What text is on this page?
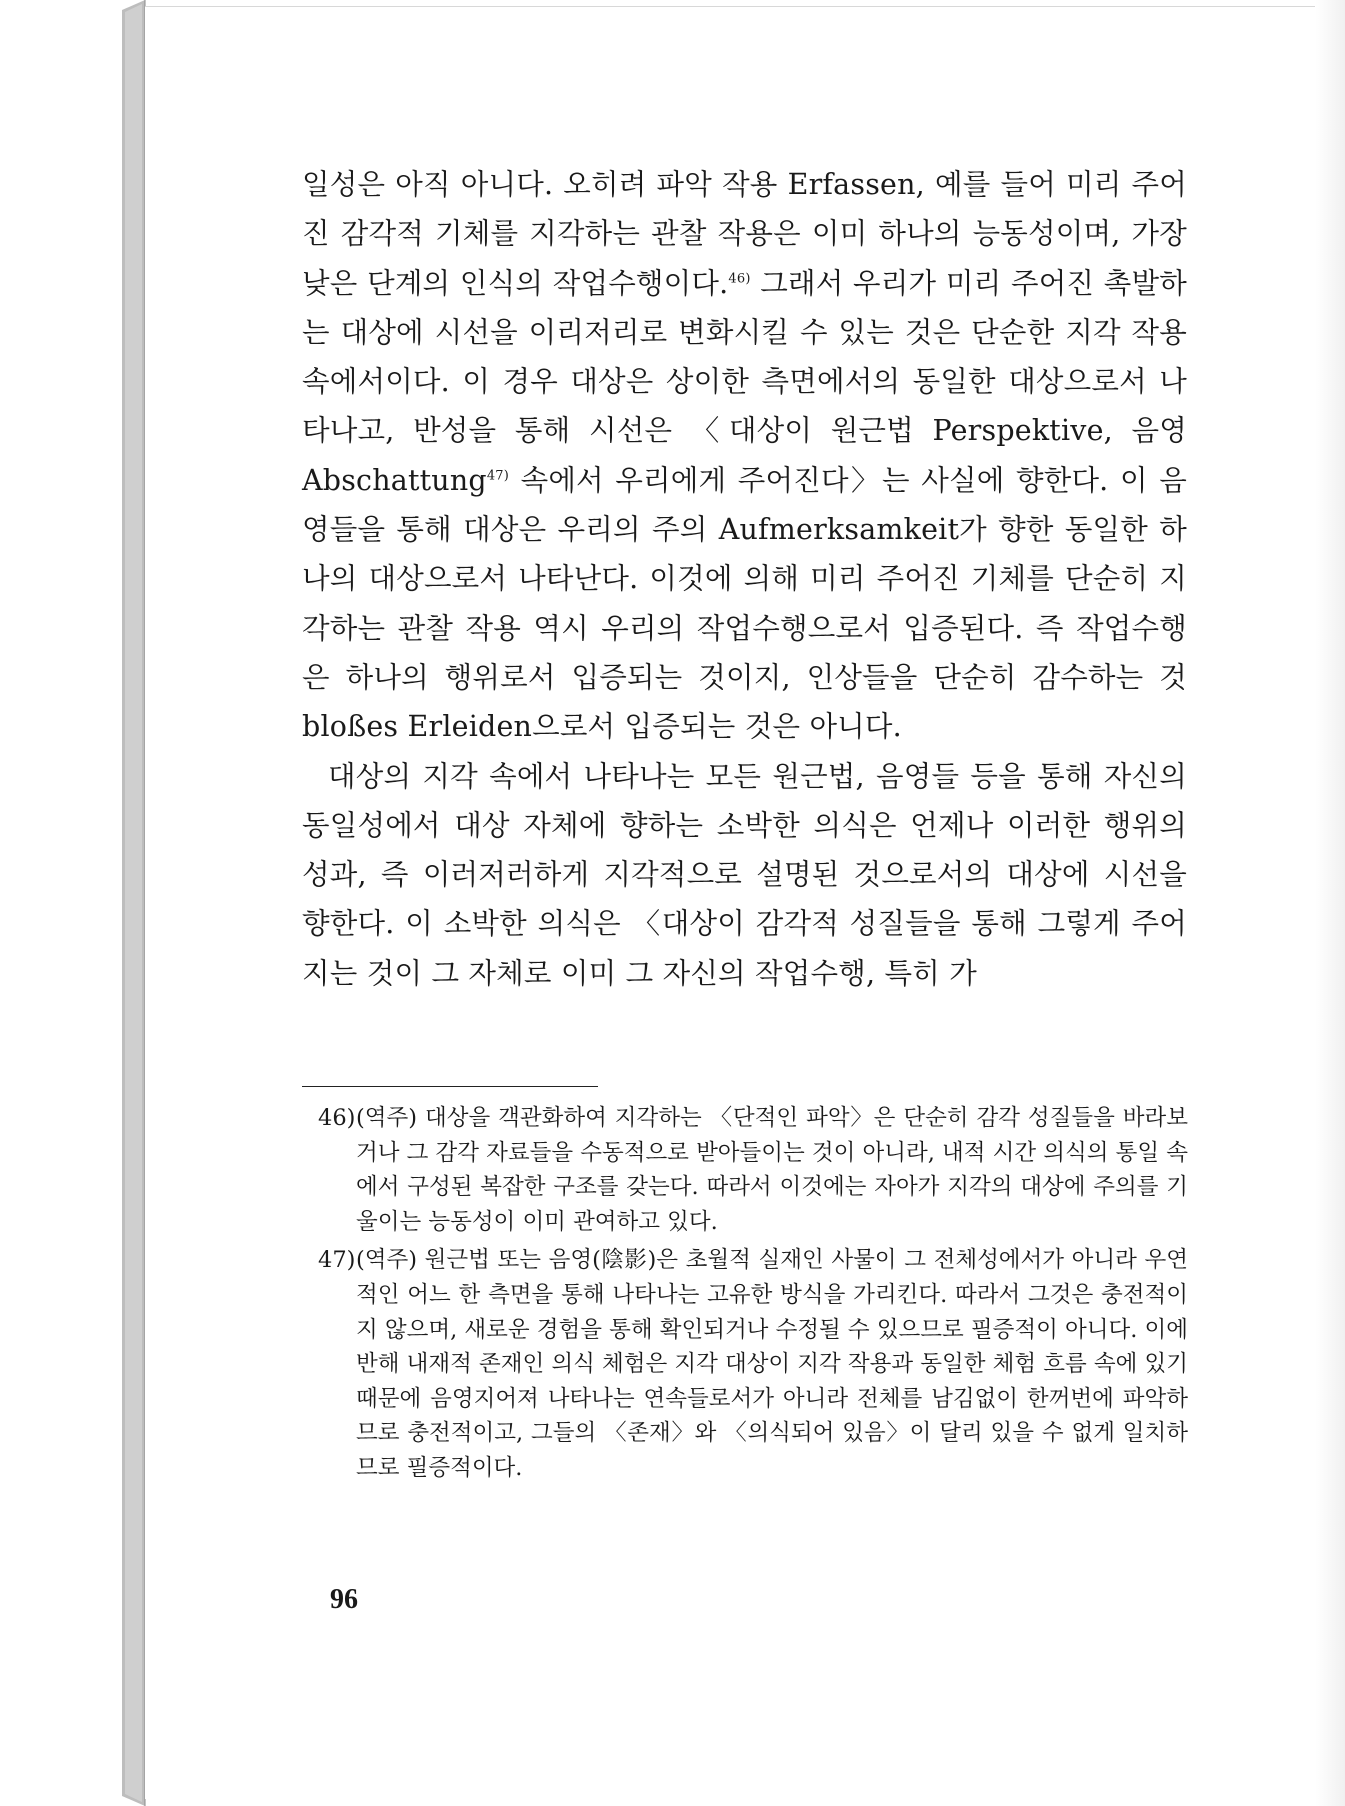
일성은 아직 아니다. 오히려 파악 작용 Erfassen, 예를 들어 미리 주어진 감각적 기체를 지각하는 관찰 작용은 이미 하나의 능동성이며, 가장 낮은 단계의 인식의 작업수행이다.$^{46)}$ 그래서 우리가 미리 주어진 촉발하는 대상에 시선을 이리저리로 변화시킬 수 있는 것은 단순한 지각 작용 속에서이다. 이 경우 대상은 상이한 측면에서의 동일한 대상으로서 나타나고, 반성을 통해 시선은 〈대상이 원근법 Perspektive, 음영 Abschattung$^{47)}$ 속에서 우리에게 주어진다〉는 사실에 향한다. 이 음영들을 통해 대상은 우리의 주의 Aufmerksamkeit가 향한 동일한 하나의 대상으로서 나타난다. 이것에 의해 미리 주어진 기체를 단순히 지각하는 관찰 작용 역시 우리의 작업수행으로서 입증된다. 즉 작업수행은 하나의 행위로서 입증되는 것이지, 인상들을 단순히 감수하는 것 bloßes Erleiden으로서 입증되는 것은 아니다.

대상의 지각 속에서 나타나는 모든 원근법, 음영들 등을 통해 자신의 동일성에서 대상 자체에 향하는 소박한 의식은 언제나 이러한 행위의 성과, 즉 이러저러하게 지각적으로 설명된 것으로서의 대상에 시선을 향한다. 이 소박한 의식은 〈대상이 감각적 성질들을 통해 그렇게 주어지는 것이 그 자체로 이미 그 자신의 작업수행, 특히 가

46) (역주) 대상을 객관화하여 지각하는 〈단적인 파악〉은 단순히 감각 성질들을 바라보거나 그 감각 자료들을 수동적으로 받아들이는 것이 아니라, 내적 시간 의식의 통일 속에서 구성된 복잡한 구조를 갖는다. 따라서 이것에는 자아가 지각의 대상에 주의를 기울이는 능동성이 이미 관여하고 있다.
47) (역주) 원근법 또는 음영(陰影)은 초월적 실재인 사물이 그 전체성에서가 아니라 우연적인 어느 한 측면을 통해 나타나는 고유한 방식을 가리킨다. 따라서 그것은 충전적이지 않으며, 새로운 경험을 통해 확인되거나 수정될 수 있으므로 필증적이 아니다. 이에 반해 내재적 존재인 의식 체험은 지각 대상이 지각 작용과 동일한 체험 흐름 속에 있기 때문에 음영지어져 나타나는 연속들로서가 아니라 전체를 남김없이 한꺼번에 파악하므로 충전적이고, 그들의 〈존재〉와 〈의식되어 있음〉이 달리 있을 수 없게 일치하므로 필증적이다.
96
